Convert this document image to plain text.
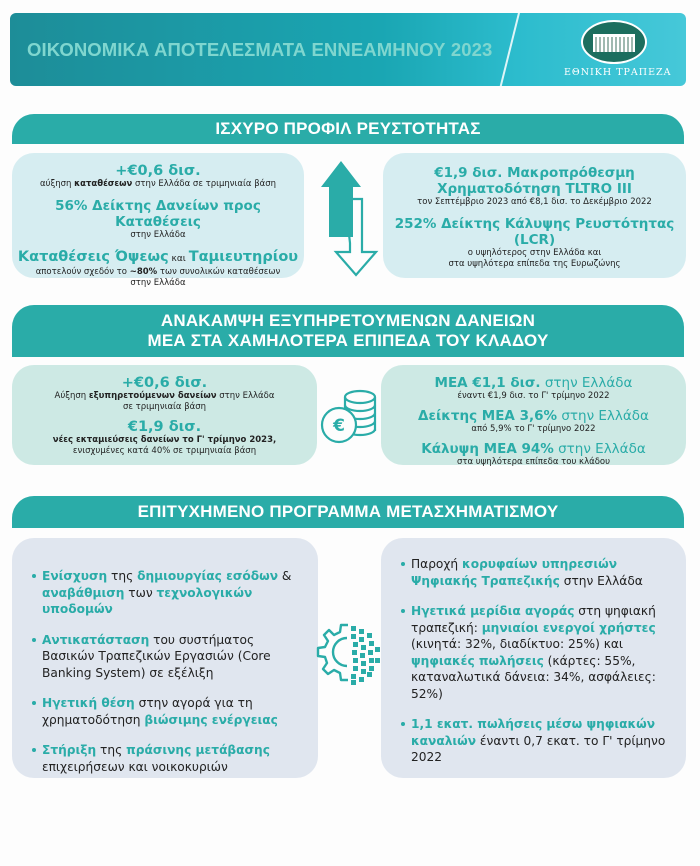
ΟΙΚΟΝΟΜΙΚΑ ΑΠΟΤΕΛΕΣΜΑΤΑ ΕΝΝΕΑΜΗΝΟΥ 2023
ΕΘΝΙΚΗ ΤΡΑΠΕΖΑ
ΙΣΧΥΡΟ ΠΡΟΦΙΛ ΡΕΥΣΤΟΤΗΤΑΣ
+€0,6 δισ.
αύξηση καταθέσεων στην Ελλάδα σε τριμηνιαία βάση
56% Δείκτης Δανείων προς Καταθέσεις
στην Ελλάδα
Καταθέσεις Όψεως και Ταμιευτηρίου
αποτελούν σχεδόν το ~80% των συνολικών καταθέσεων
στην Ελλάδα
€1,9 δισ. Μακροπρόθεσμη
Χρηματοδότηση TLTRO III
τον Σεπτέμβριο 2023 από €8,1 δισ. το Δεκέμβριο 2022
252% Δείκτης Κάλυψης Ρευστότητας (LCR)
ο υψηλότερος στην Ελλάδα και
στα υψηλότερα επίπεδα της Ευρωζώνης
ΑΝΑΚΑΜΨΗ ΕΞΥΠΗΡΕΤΟΥΜΕΝΩΝ ΔΑΝΕΙΩΝ
ΜΕΑ ΣΤΑ ΧΑΜΗΛΟΤΕΡΑ ΕΠΙΠΕΔΑ ΤΟΥ ΚΛΑΔΟΥ
+€0,6 δισ.
Αύξηση εξυπηρετούμενων δανείων στην Ελλάδα
σε τριμηνιαία βάση
€1,9 δισ.
νέες εκταμιεύσεις δανείων το Γ' τρίμηνο 2023,
ενισχυμένες κατά 40% σε τριμηνιαία βάση
€
ΜΕΑ €1,1 δισ. στην Ελλάδα
έναντι €1,9 δισ. το Γ' τρίμηνο 2022
Δείκτης ΜΕΑ 3,6% στην Ελλάδα
από 5,9% το Γ' τρίμηνο 2022
Κάλυψη ΜΕΑ 94% στην Ελλάδα
στα υψηλότερα επίπεδα του κλάδου
ΕΠΙΤΥΧΗΜΕΝΟ ΠΡΟΓΡΑΜΜΑ ΜΕΤΑΣΧΗΜΑΤΙΣΜΟΥ
Ενίσχυση της δημιουργίας εσόδων & αναβάθμιση των τεχνολογικών υποδομών
Αντικατάσταση του συστήματος Βασικών Τραπεζικών Εργασιών (Core Banking System) σε εξέλιξη
Ηγετική θέση στην αγορά για τη χρηματοδότηση βιώσιμης ενέργειας
Στήριξη της πράσινης μετάβασης επιχειρήσεων και νοικοκυριών
Παροχή κορυφαίων υπηρεσιών Ψηφιακής Τραπεζικής στην Ελλάδα
Ηγετικά μερίδια αγοράς στη ψηφιακή τραπεζική: μηνιαίοι ενεργοί χρήστες (κινητά: 32%, διαδίκτυο: 25%) και ψηφιακές πωλήσεις (κάρτες: 55%, καταναλωτικά δάνεια: 34%, ασφάλειες: 52%)
1,1 εκατ. πωλήσεις μέσω ψηφιακών καναλιών έναντι 0,7 εκατ. το Γ' τρίμηνο 2022
